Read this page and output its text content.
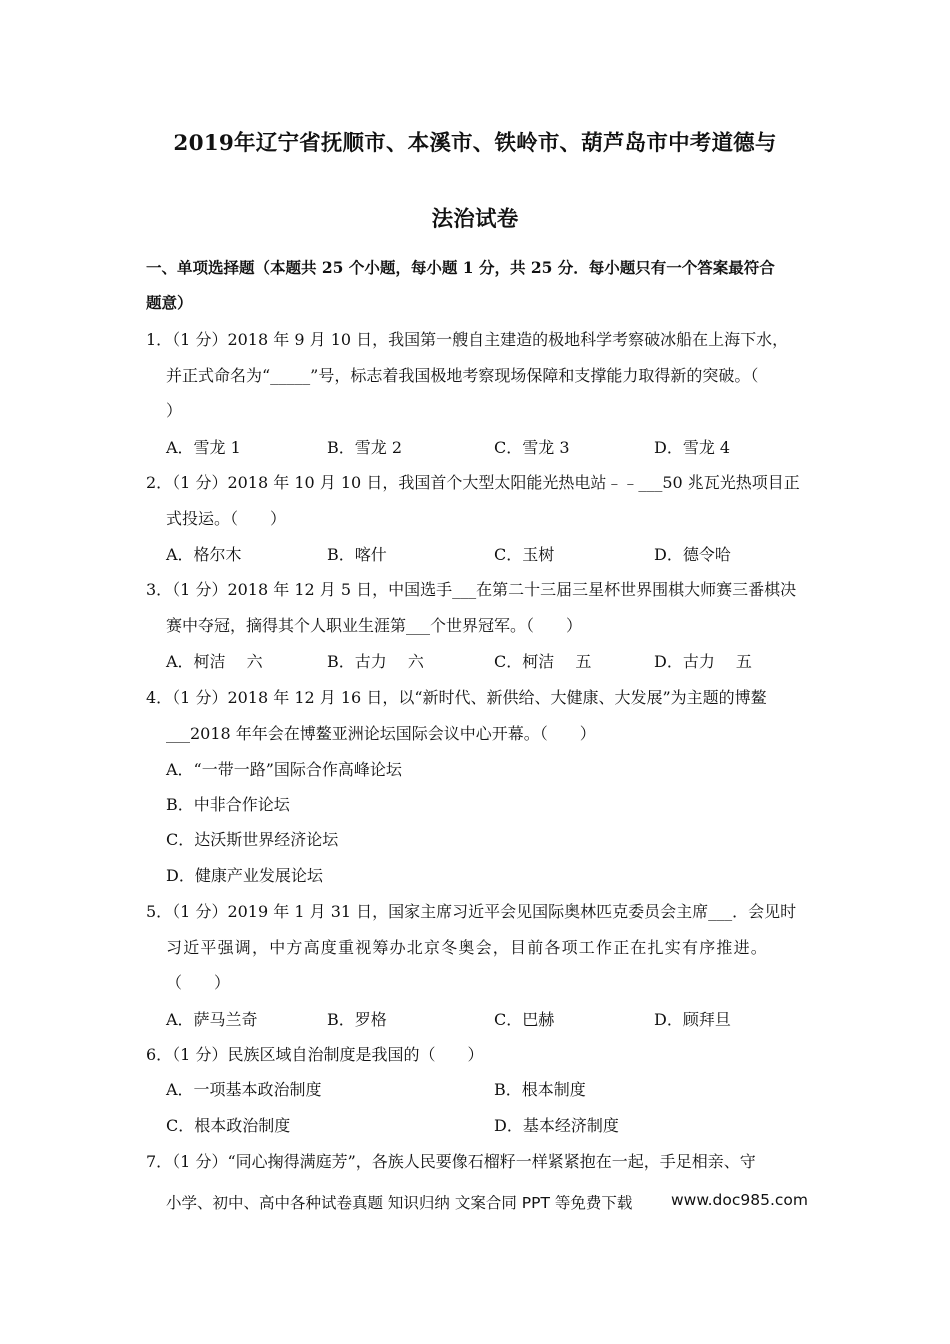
2019年辽宁省抚顺市、本溪市、铁岭市、葫芦岛市中考道德与
法治试卷
一、单项选择题（本题共 25 个小题，每小题 1 分，共 25 分．每小题只有一个答案最符合
题意）
1．（1 分）2018 年 9 月 10 日，我国第一艘自主建造的极地科学考察破冰船在上海下水，
并正式命名为“_____”号，标志着我国极地考察现场保障和支撑能力取得新的突破。（
）
A．雪龙 1	B．雪龙 2	C．雪龙 3	D．雪龙 4
2．（1 分）2018 年 10 月 10 日，我国首个大型太阳能光热电站﹣﹣___50 兆瓦光热项目正
式投运。（　　）
A．格尔木	B．喀什	C．玉树	D．德令哈
3．（1 分）2018 年 12 月 5 日，中国选手___在第二十三届三星杯世界围棋大师赛三番棋决
赛中夺冠，摘得其个人职业生涯第___个世界冠军。（　　）
A．柯洁　 六	B．古力　 六	C．柯洁　 五	D．古力　 五
4．（1 分）2018 年 12 月 16 日，以“新时代、新供给、大健康、大发展”为主题的博鳌
___2018 年年会在博鳌亚洲论坛国际会议中心开幕。（　　）
A．“一带一路”国际合作高峰论坛
B．中非合作论坛
C．达沃斯世界经济论坛
D．健康产业发展论坛
5．（1 分）2019 年 1 月 31 日，国家主席习近平会见国际奥林匹克委员会主席___．会见时
习近平强调，中方高度重视筹办北京冬奥会，目前各项工作正在扎实有序推进。
（　　）
A．萨马兰奇	B．罗格	C．巴赫	D．顾拜旦
6．（1 分）民族区域自治制度是我国的（　　）
A．一项基本政治制度	B．根本制度
C．根本政治制度	D．基本经济制度
7．（1 分）“同心掬得满庭芳”，各族人民要像石榴籽一样紧紧抱在一起，手足相亲、守
小学、初中、高中各种试卷真题 知识归纳 文案合同 PPT 等免费下载 www.doc985.com
